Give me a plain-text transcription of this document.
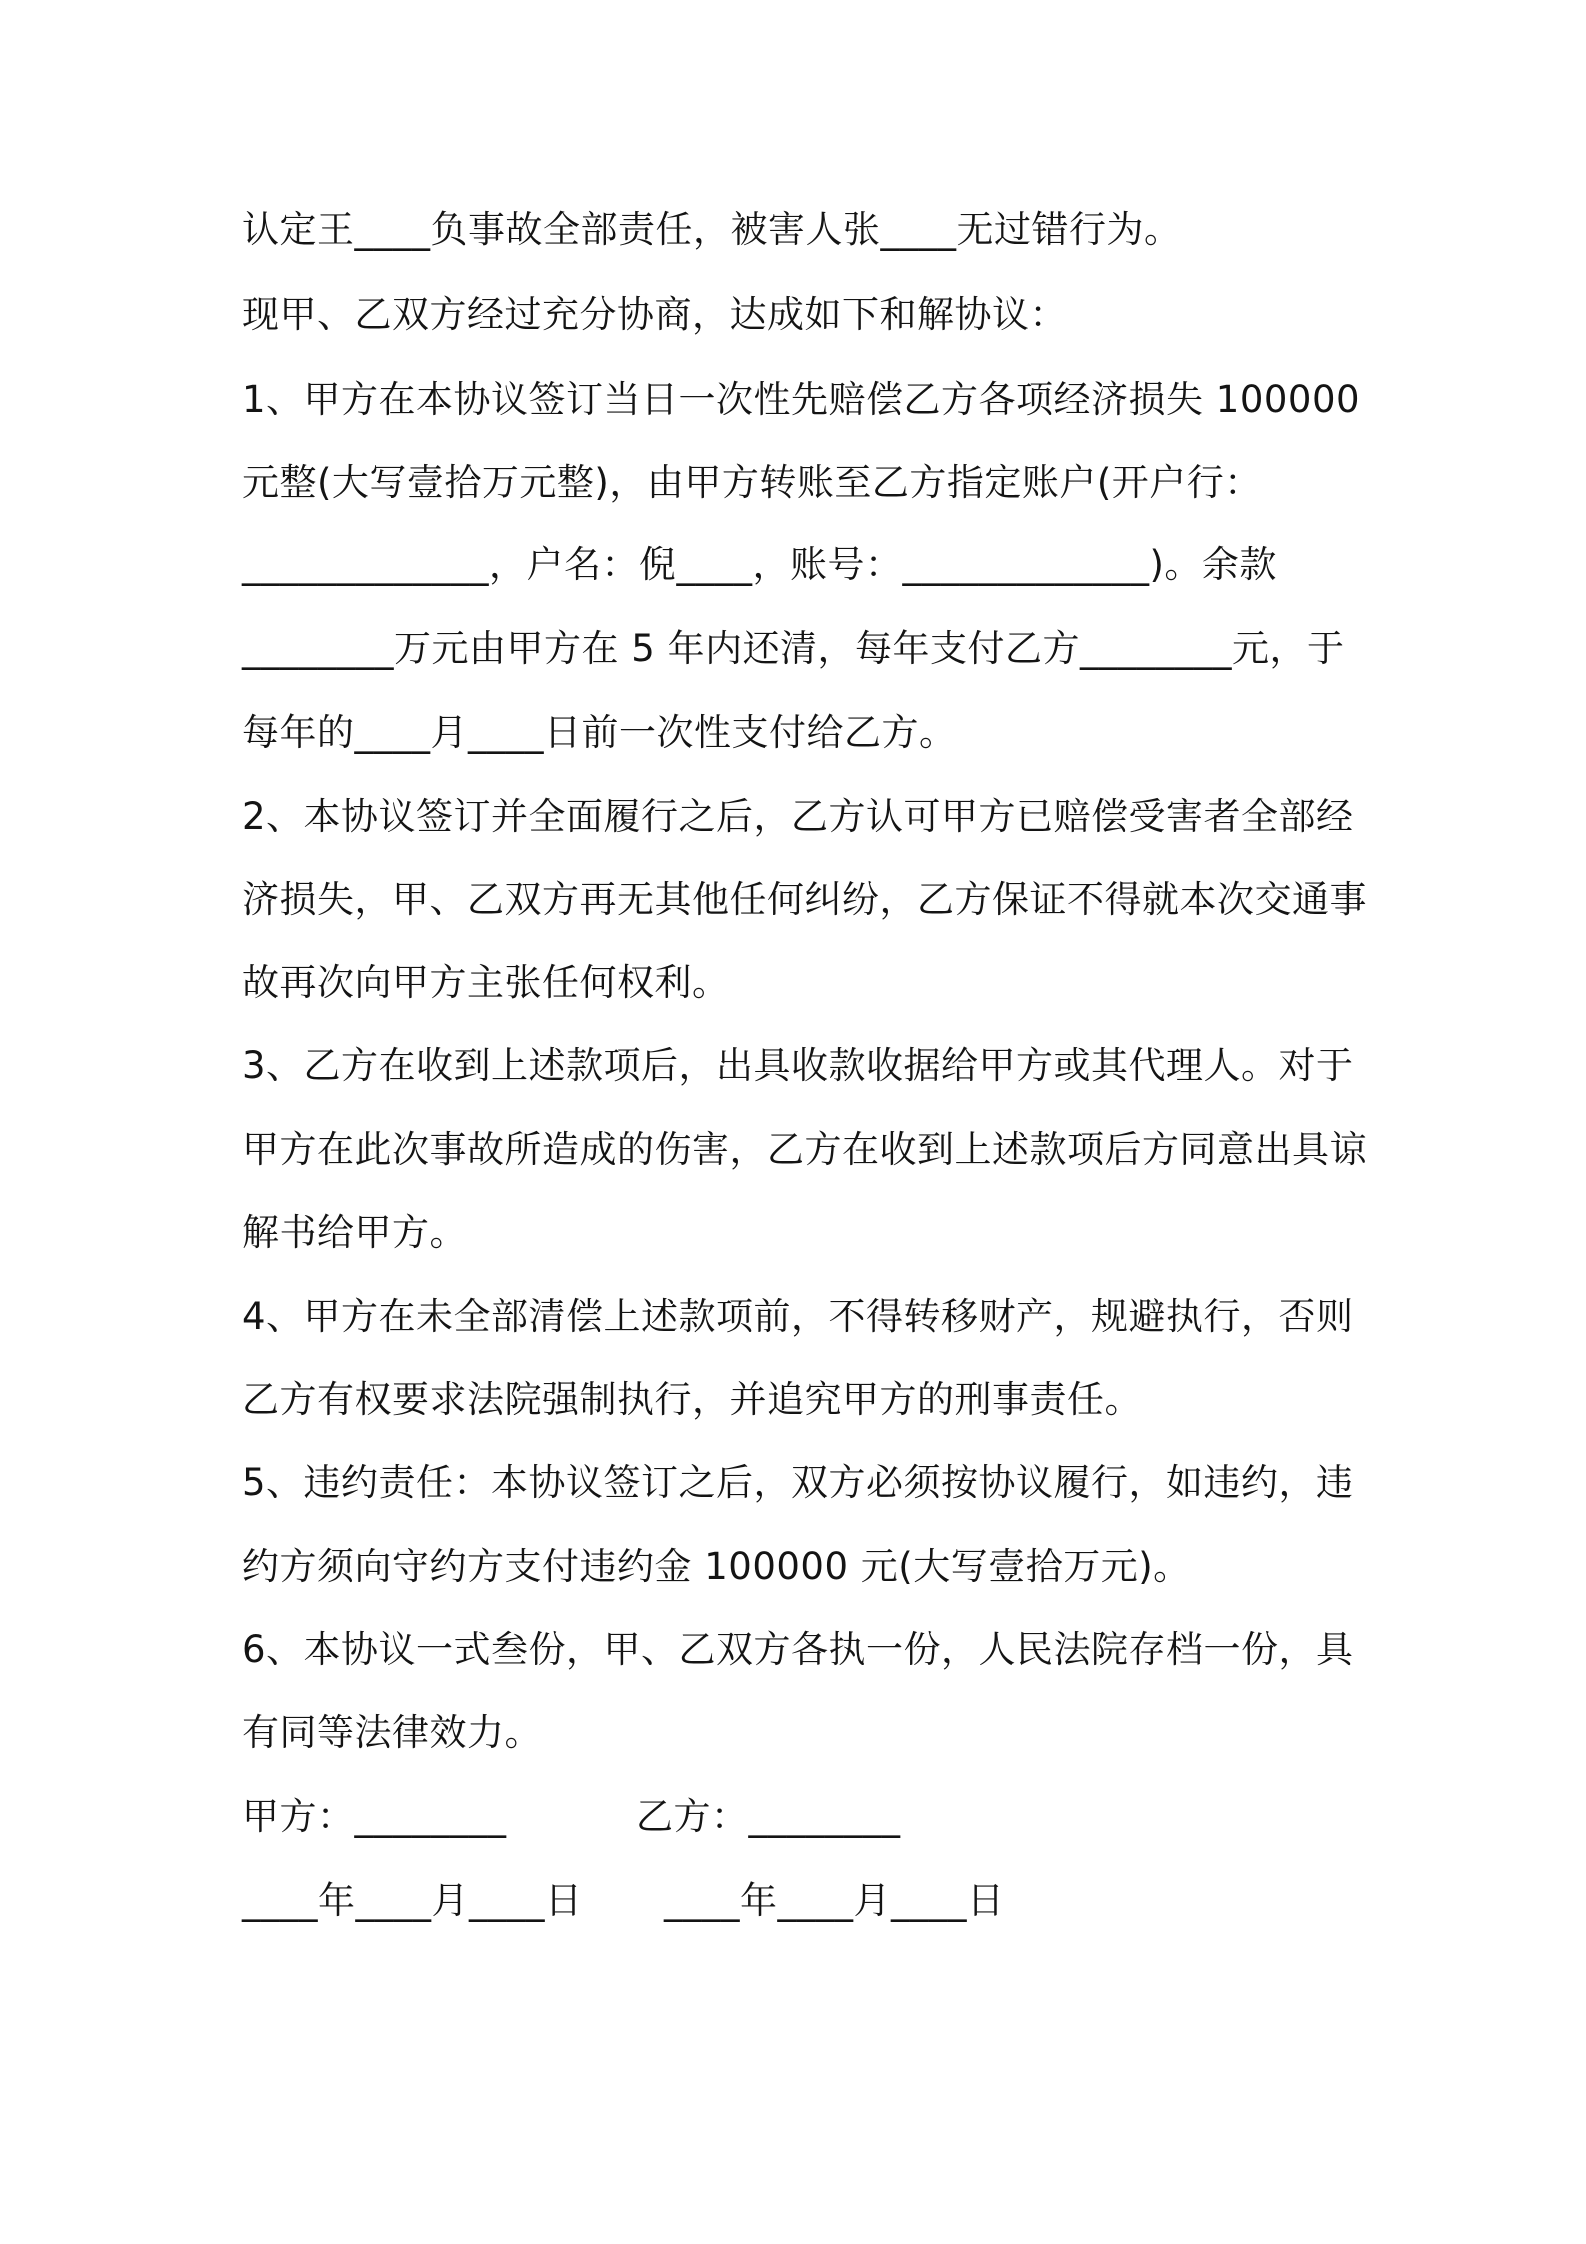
认定王____负事故全部责任，被害人张____无过错行为。
现甲、乙双方经过充分协商，达成如下和解协议：
1、甲方在本协议签订当日一次性先赔偿乙方各项经济损失 100000
元整(大写壹拾万元整)，由甲方转账至乙方指定账户(开户行：
_____________，户名：倪____，账号：_____________)。余款
________万元由甲方在 5 年内还清，每年支付乙方________元，于
每年的____月____日前一次性支付给乙方。
2、本协议签订并全面履行之后，乙方认可甲方已赔偿受害者全部经
济损失，甲、乙双方再无其他任何纠纷，乙方保证不得就本次交通事
故再次向甲方主张任何权利。
3、乙方在收到上述款项后，出具收款收据给甲方或其代理人。对于
甲方在此次事故所造成的伤害，乙方在收到上述款项后方同意出具谅
解书给甲方。
4、甲方在未全部清偿上述款项前，不得转移财产，规避执行，否则
乙方有权要求法院强制执行，并追究甲方的刑事责任。
5、违约责任：本协议签订之后，双方必须按协议履行，如违约，违
约方须向守约方支付违约金 100000 元(大写壹拾万元)。
6、本协议一式叁份，甲、乙双方各执一份，人民法院存档一份，具
有同等法律效力。
甲方：________	乙方：________
____年____月____日 ____年____月____日
